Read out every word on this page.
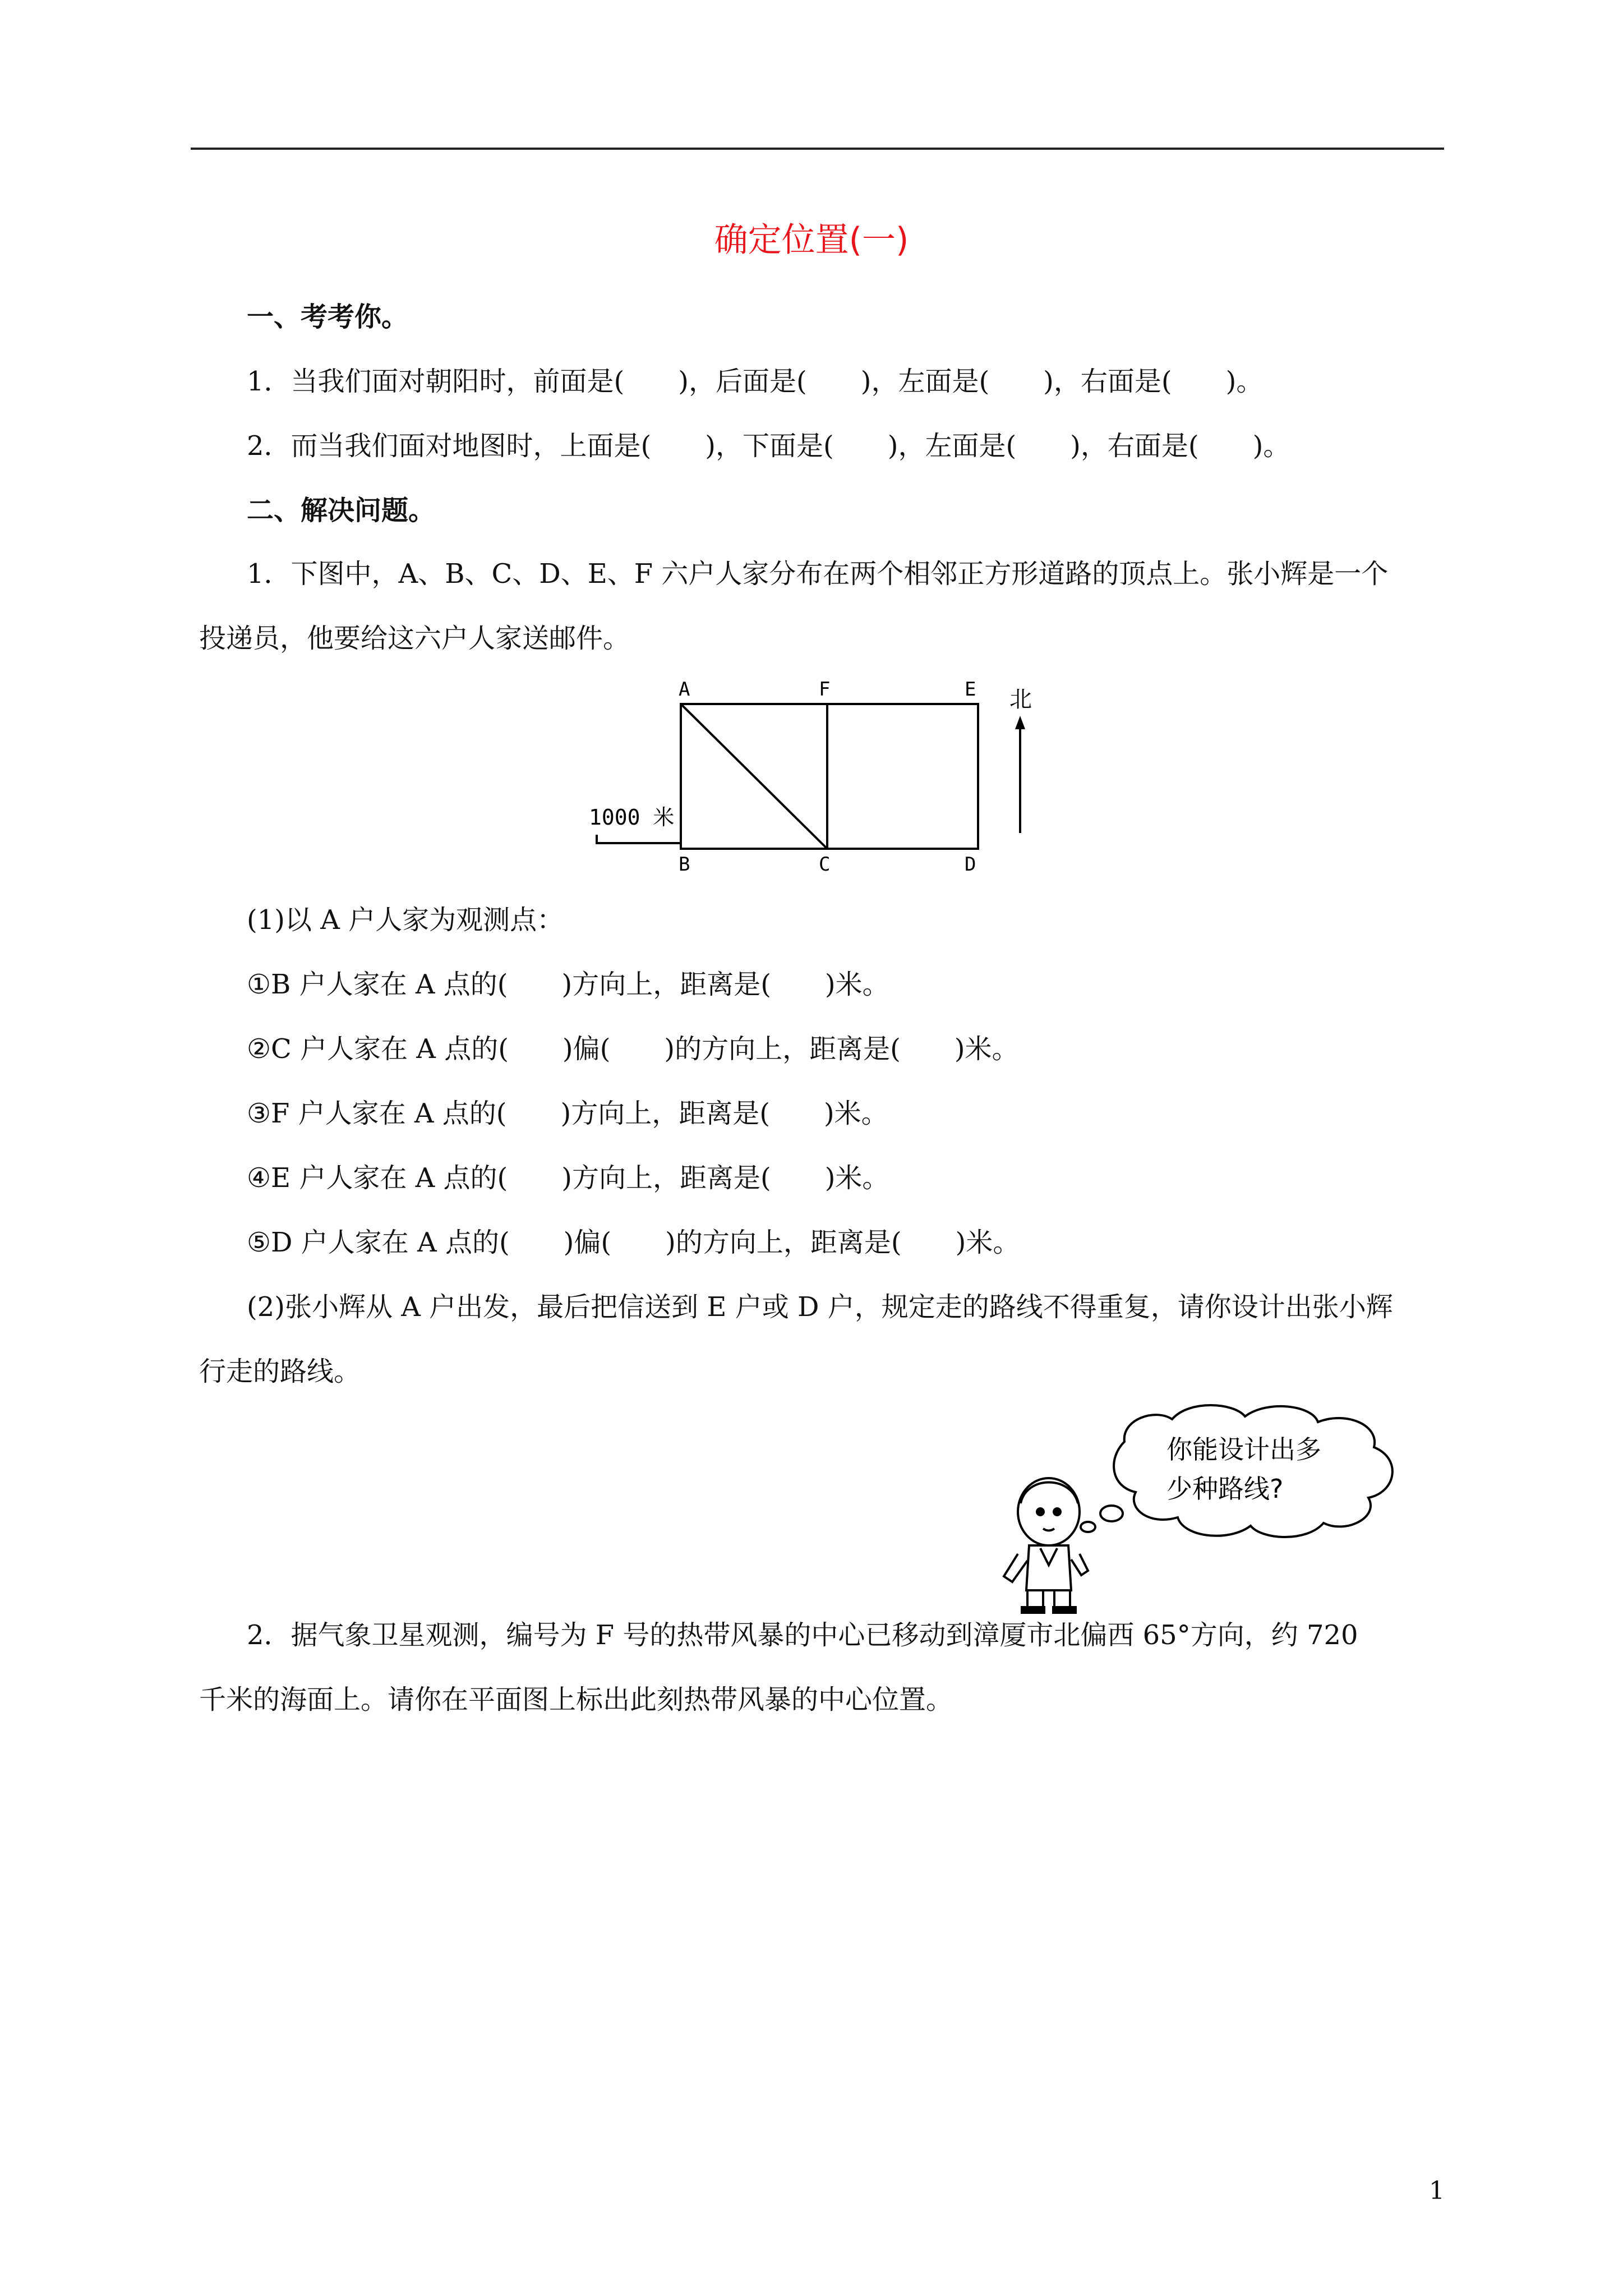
确定位置(一)
一、考考你。
1．当我们面对朝阳时，前面是(　　)，后面是(　　)，左面是(　　)，右面是(　　)。
2．而当我们面对地图时，上面是(　　)，下面是(　　)，左面是(　　)，右面是(　　)。
二、解决问题。
1．下图中，A、B、C、D、E、F 六户人家分布在两个相邻正方形道路的顶点上。张小辉是一个
投递员，他要给这六户人家送邮件。
A	F	E
B	C	D
北
1000 米
(1)以 A 户人家为观测点：
①B 户人家在 A 点的(　　)方向上，距离是(　　)米。
②C 户人家在 A 点的(　　)偏(　　)的方向上，距离是(　　)米。
③F 户人家在 A 点的(　　)方向上，距离是(　　)米。
④E 户人家在 A 点的(　　)方向上，距离是(　　)米。
⑤D 户人家在 A 点的(　　)偏(　　)的方向上，距离是(　　)米。
(2)张小辉从 A 户出发，最后把信送到 E 户或 D 户，规定走的路线不得重复，请你设计出张小辉
行走的路线。
你能设计出多
少种路线?
2．据气象卫星观测，编号为 F 号的热带风暴的中心已移动到漳厦市北偏西 65°方向，约 720
千米的海面上。请你在平面图上标出此刻热带风暴的中心位置。
1
